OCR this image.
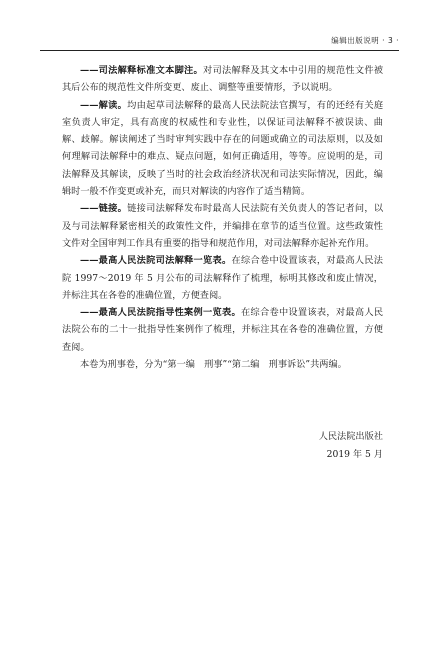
编辑出版说明 · 3 ·

——司法解释标准文本脚注。对司法解释及其文本中引用的规范性文件被其后公布的规范性文件所变更、废止、调整等重要情形，予以说明。

——解读。均由起草司法解释的最高人民法院法官撰写，有的还经有关庭室负责人审定，具有高度的权威性和专业性，以保证司法解释不被误读、曲解、歧解。解读阐述了当时审判实践中存在的问题或确立的司法原则，以及如何理解司法解释中的难点、疑点问题，如何正确适用，等等。应说明的是，司法解释及其解读，反映了当时的社会政治经济状况和司法实际情况，因此，编辑时一般不作变更或补充，而只对解读的内容作了适当精简。

——链接。链接司法解释发布时最高人民法院有关负责人的答记者问，以及与司法解释紧密相关的政策性文件，并编排在章节的适当位置。这些政策性文件对全国审判工作具有重要的指导和规范作用，对司法解释亦起补充作用。

——最高人民法院司法解释一览表。在综合卷中设置该表，对最高人民法院 1997～2019 年 5 月公布的司法解释作了梳理，标明其修改和废止情况，并标注其在各卷的准确位置，方便查阅。

——最高人民法院指导性案例一览表。在综合卷中设置该表，对最高人民法院公布的二十一批指导性案例作了梳理，并标注其在各卷的准确位置，方便查阅。

本卷为刑事卷，分为“第一编　刑事”“第二编　刑事诉讼”共两编。

人民法院出版社
2019 年 5 月
